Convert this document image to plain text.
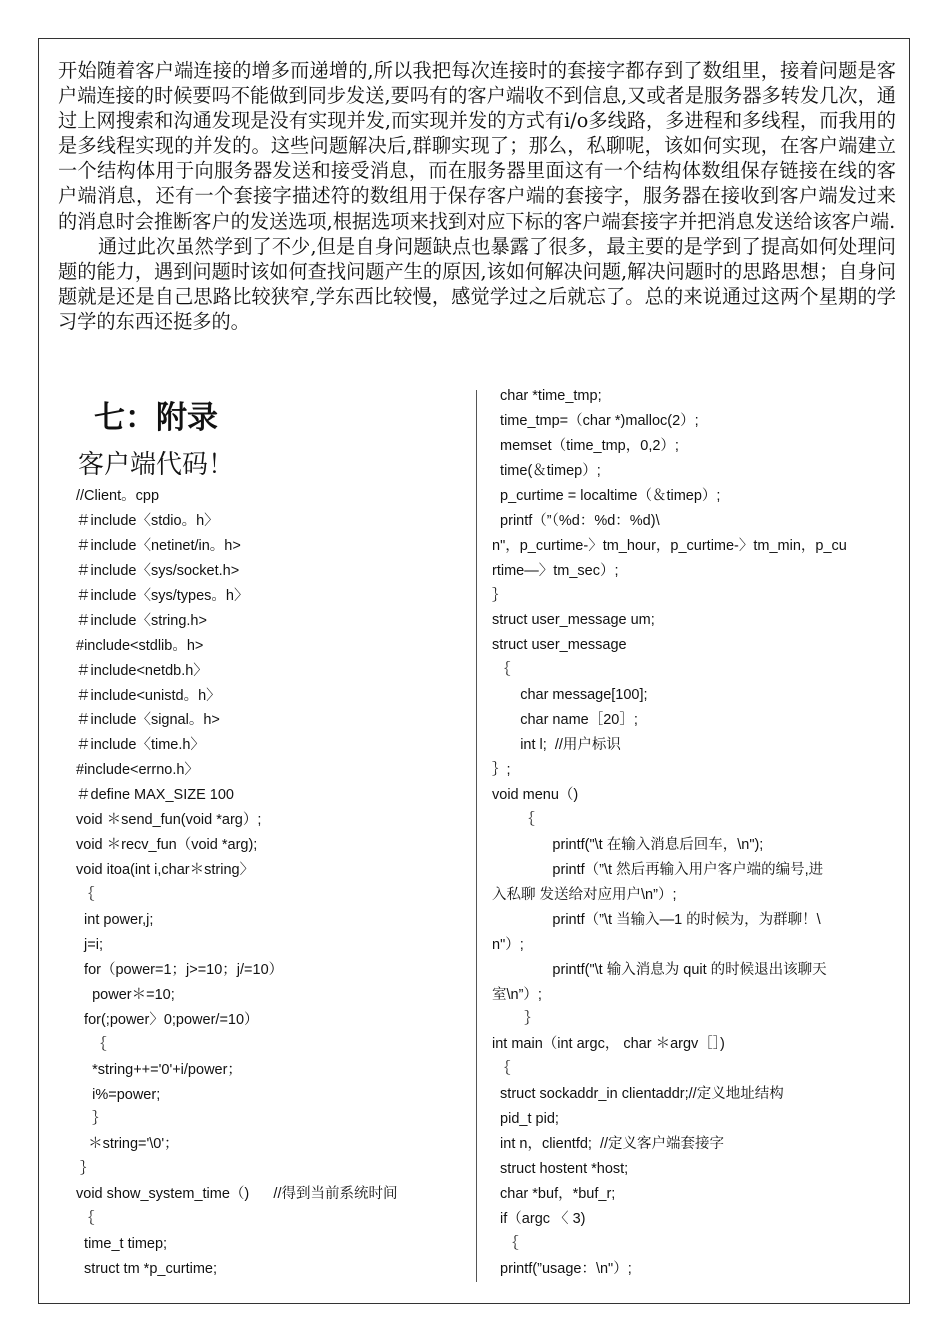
开始随着客户端连接的增多而递增的,所以我把每次连接时的套接字都存到了数组里，接着问题是客户端连接的时候要吗不能做到同步发送,要吗有的客户端收不到信息,又或者是服务器多转发几次，通过上网搜索和沟通发现是没有实现并发,而实现并发的方式有i/o多线路，多进程和多线程，而我用的是多线程实现的并发的。这些问题解决后,群聊实现了；那么，私聊呢，该如何实现，在客户端建立一个结构体用于向服务器发送和接受消息，而在服务器里面这有一个结构体数组保存链接在线的客户端消息，还有一个套接字描述符的数组用于保存客户端的套接字，服务器在接收到客户端发过来的消息时会推断客户的发送选项,根据选项来找到对应下标的客户端套接字并把消息发送给该客户端.

通过此次虽然学到了不少,但是自身问题缺点也暴露了很多，最主要的是学到了提高如何处理问题的能力，遇到问题时该如何查找问题产生的原因,该如何解决问题,解决问题时的思路思想；自身问题就是还是自己思路比较狭窄,学东西比较慢，感觉学过之后就忘了。总的来说通过这两个星期的学习学的东西还挺多的。

七：附录
客户端代码！
//Client。cpp
＃include〈stdio。h〉
＃include〈netinet/in。h>
＃include〈sys/socket.h>
＃include〈sys/types。h〉
＃include〈string.h>
#include<stdlib。h>
＃include<netdb.h〉
＃include<unistd。h〉
＃include〈signal。h>
＃include〈time.h〉
#include<errno.h〉
＃define MAX_SIZE 100
void ＊send_fun(void *arg）;
void ＊recv_fun（void *arg);
void itoa(int i,char＊string〉
｛
int power,j;
j=i;
for（power=1；j>=10；j/=10）
power＊=10;
for(;power〉0;power/=10）
｛
*string++='0'+i/power；
i%=power;
｝
＊string='\0'；
｝
void show_system_time（)      //得到当前系统时间
｛
time_t timep;
struct tm *p_curtime;
char *time_tmp;
time_tmp=（char *)malloc(2）;
memset（time_tmp，0,2）;
time(＆timep）;
p_curtime = localtime（＆timep）;
printf（”（%d：%d：%d)\
n"，p_curtime-〉tm_hour，p_curtime-〉tm_min，p_cu
rtime—〉tm_sec）;
｝
struct user_message um;
struct user_message
｛
char message[100];
char name［20］;
int l;  //用户标识
｝;
void menu（)
｛
printf("\t 在输入消息后回车，\n");
printf（”\t 然后再输入用户客户端的编号,进
入私聊 发送给对应用户\n”）;
printf（”\t 当输入—1 的时候为，为群聊！\
n"）;
printf("\t 输入消息为 quit 的时候退出该聊天
室\n”）;
｝
int main（int argc， char ＊argv［］)
｛
struct sockaddr_in clientaddr;//定义地址结构
pid_t pid;
int n，clientfd;  //定义客户端套接字
struct hostent *host;
char *buf，*buf_r;
if（argc 〈 3)
｛
printf(”usage：\n"）;
